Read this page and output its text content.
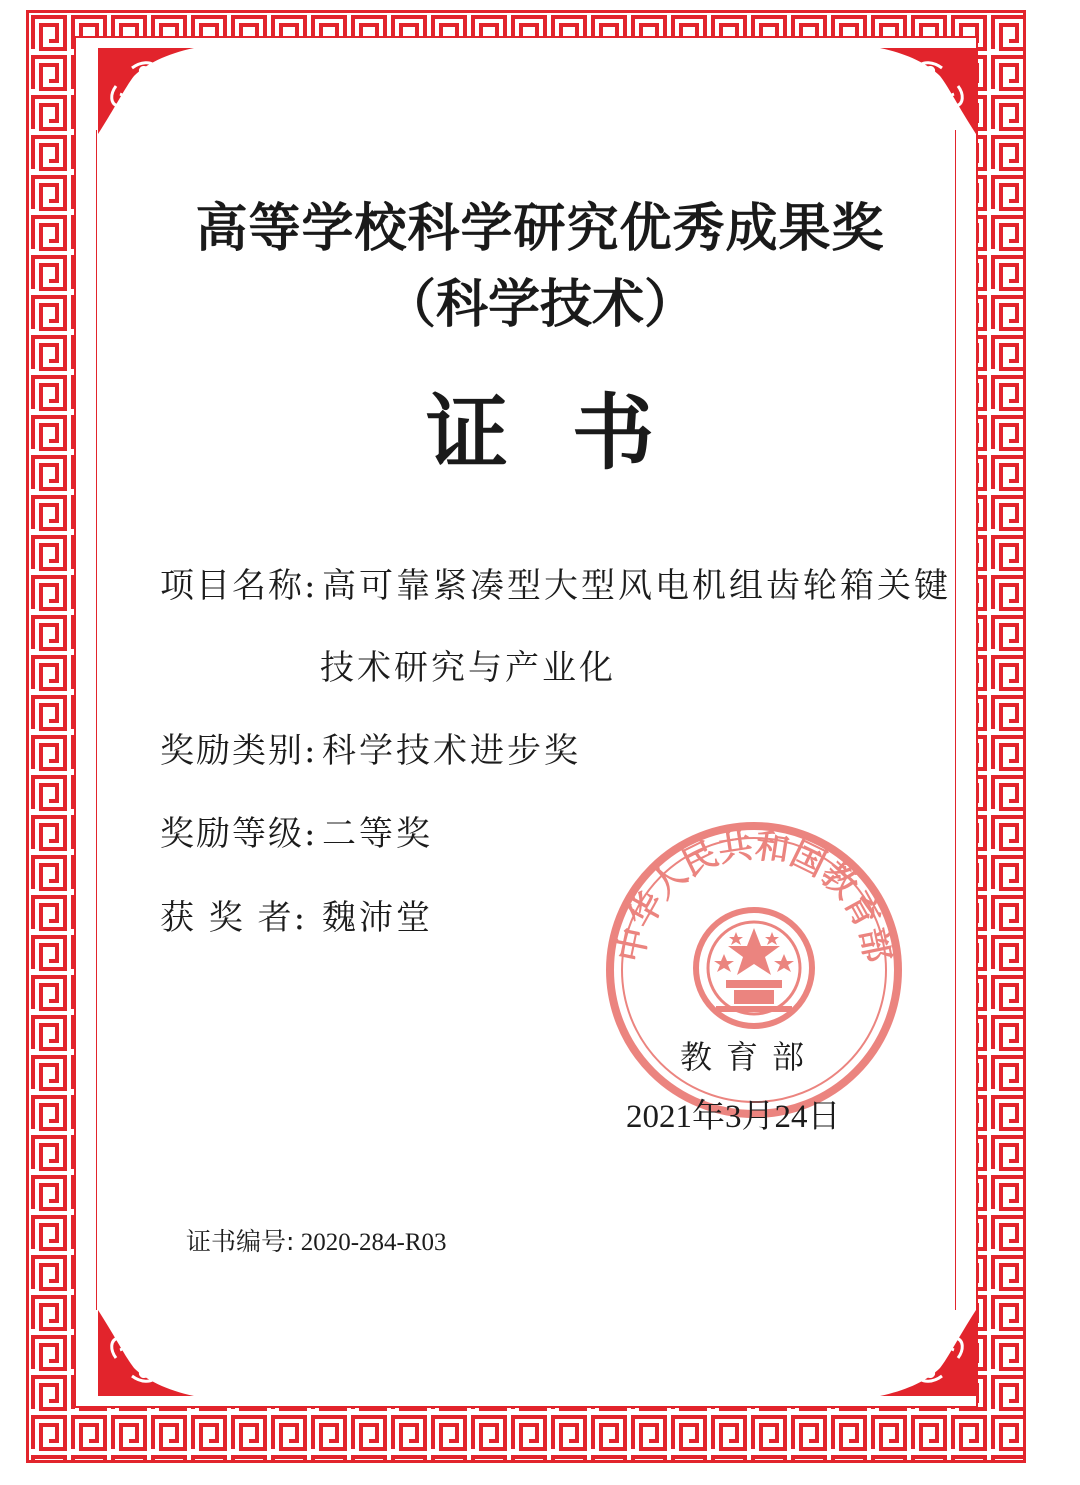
高等学校科学研究优秀成果奖
（科学技术）
证书
项目名称: 高可靠紧凑型大型风电机组齿轮箱关键
技术研究与产业化
奖励类别: 科学技术进步奖
奖励等级: 二等奖
获 奖 者: 魏沛堂
中华人民共和国教育部
教育部
2021年3月24日
证书编号: 2020-284-R03
